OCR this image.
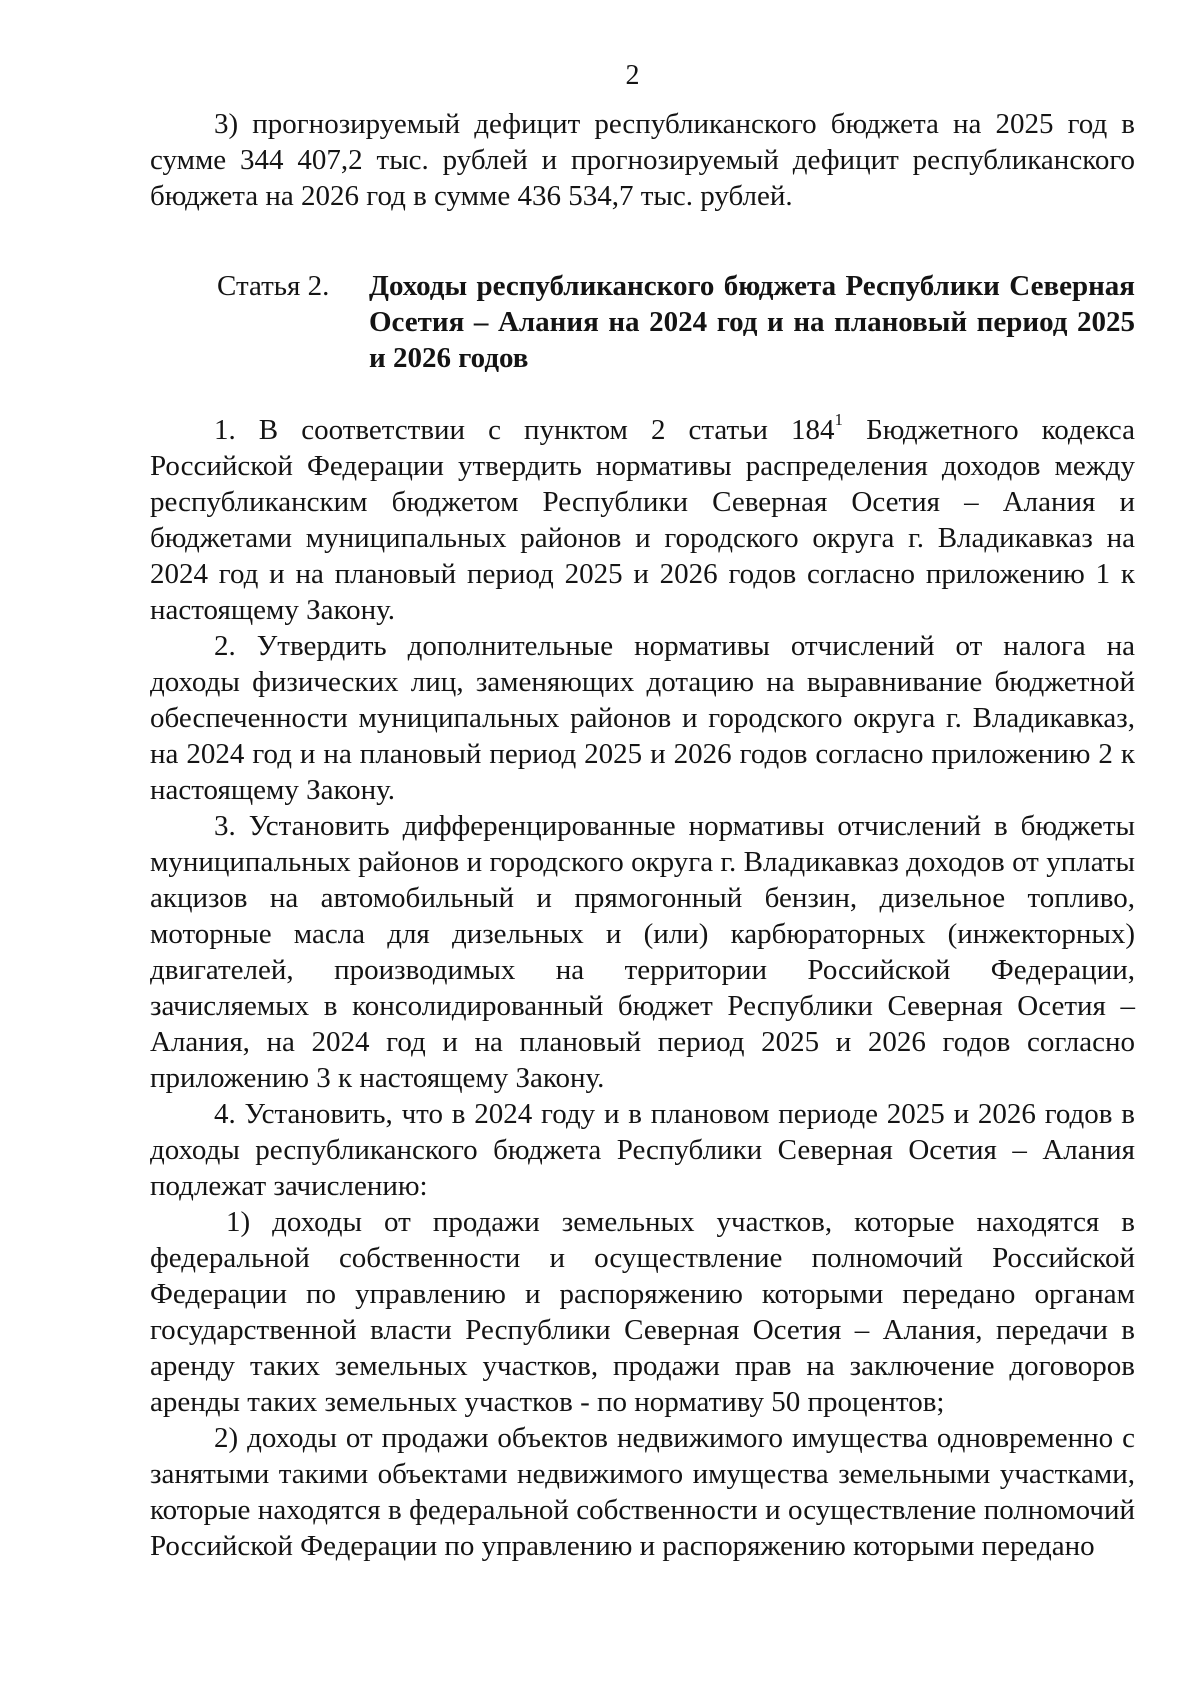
2

3) прогнозируемый дефицит республиканского бюджета на 2025 год в сумме 344 407,2 тыс. рублей и прогнозируемый дефицит республиканского бюджета на 2026 год в сумме 436 534,7 тыс. рублей.

Статья 2. Доходы республиканского бюджета Республики Северная Осетия – Алания на 2024 год и на плановый период 2025 и 2026 годов

1. В соответствии с пунктом 2 статьи $184^1$ Бюджетного кодекса Российской Федерации утвердить нормативы распределения доходов между республиканским бюджетом Республики Северная Осетия – Алания и бюджетами муниципальных районов и городского округа г. Владикавказ на 2024 год и на плановый период 2025 и 2026 годов согласно приложению 1 к настоящему Закону.

2. Утвердить дополнительные нормативы отчислений от налога на доходы физических лиц, заменяющих дотацию на выравнивание бюджетной обеспеченности муниципальных районов и городского округа г. Владикавказ, на 2024 год и на плановый период 2025 и 2026 годов согласно приложению 2 к настоящему Закону.

3. Установить дифференцированные нормативы отчислений в бюджеты муниципальных районов и городского округа г. Владикавказ доходов от уплаты акцизов на автомобильный и прямогонный бензин, дизельное топливо, моторные масла для дизельных и (или) карбюраторных (инжекторных) двигателей, производимых на территории Российской Федерации, зачисляемых в консолидированный бюджет Республики Северная Осетия – Алания, на 2024 год и на плановый период 2025 и 2026 годов согласно приложению 3 к настоящему Закону.

4. Установить, что в 2024 году и в плановом периоде 2025 и 2026 годов в доходы республиканского бюджета Республики Северная Осетия – Алания подлежат зачислению:

1) доходы от продажи земельных участков, которые находятся в федеральной собственности и осуществление полномочий Российской Федерации по управлению и распоряжению которыми передано органам государственной власти Республики Северная Осетия – Алания, передачи в аренду таких земельных участков, продажи прав на заключение договоров аренды таких земельных участков - по нормативу 50 процентов;

2) доходы от продажи объектов недвижимого имущества одновременно с занятыми такими объектами недвижимого имущества земельными участками, которые находятся в федеральной собственности и осуществление полномочий Российской Федерации по управлению и распоряжению которыми передано
